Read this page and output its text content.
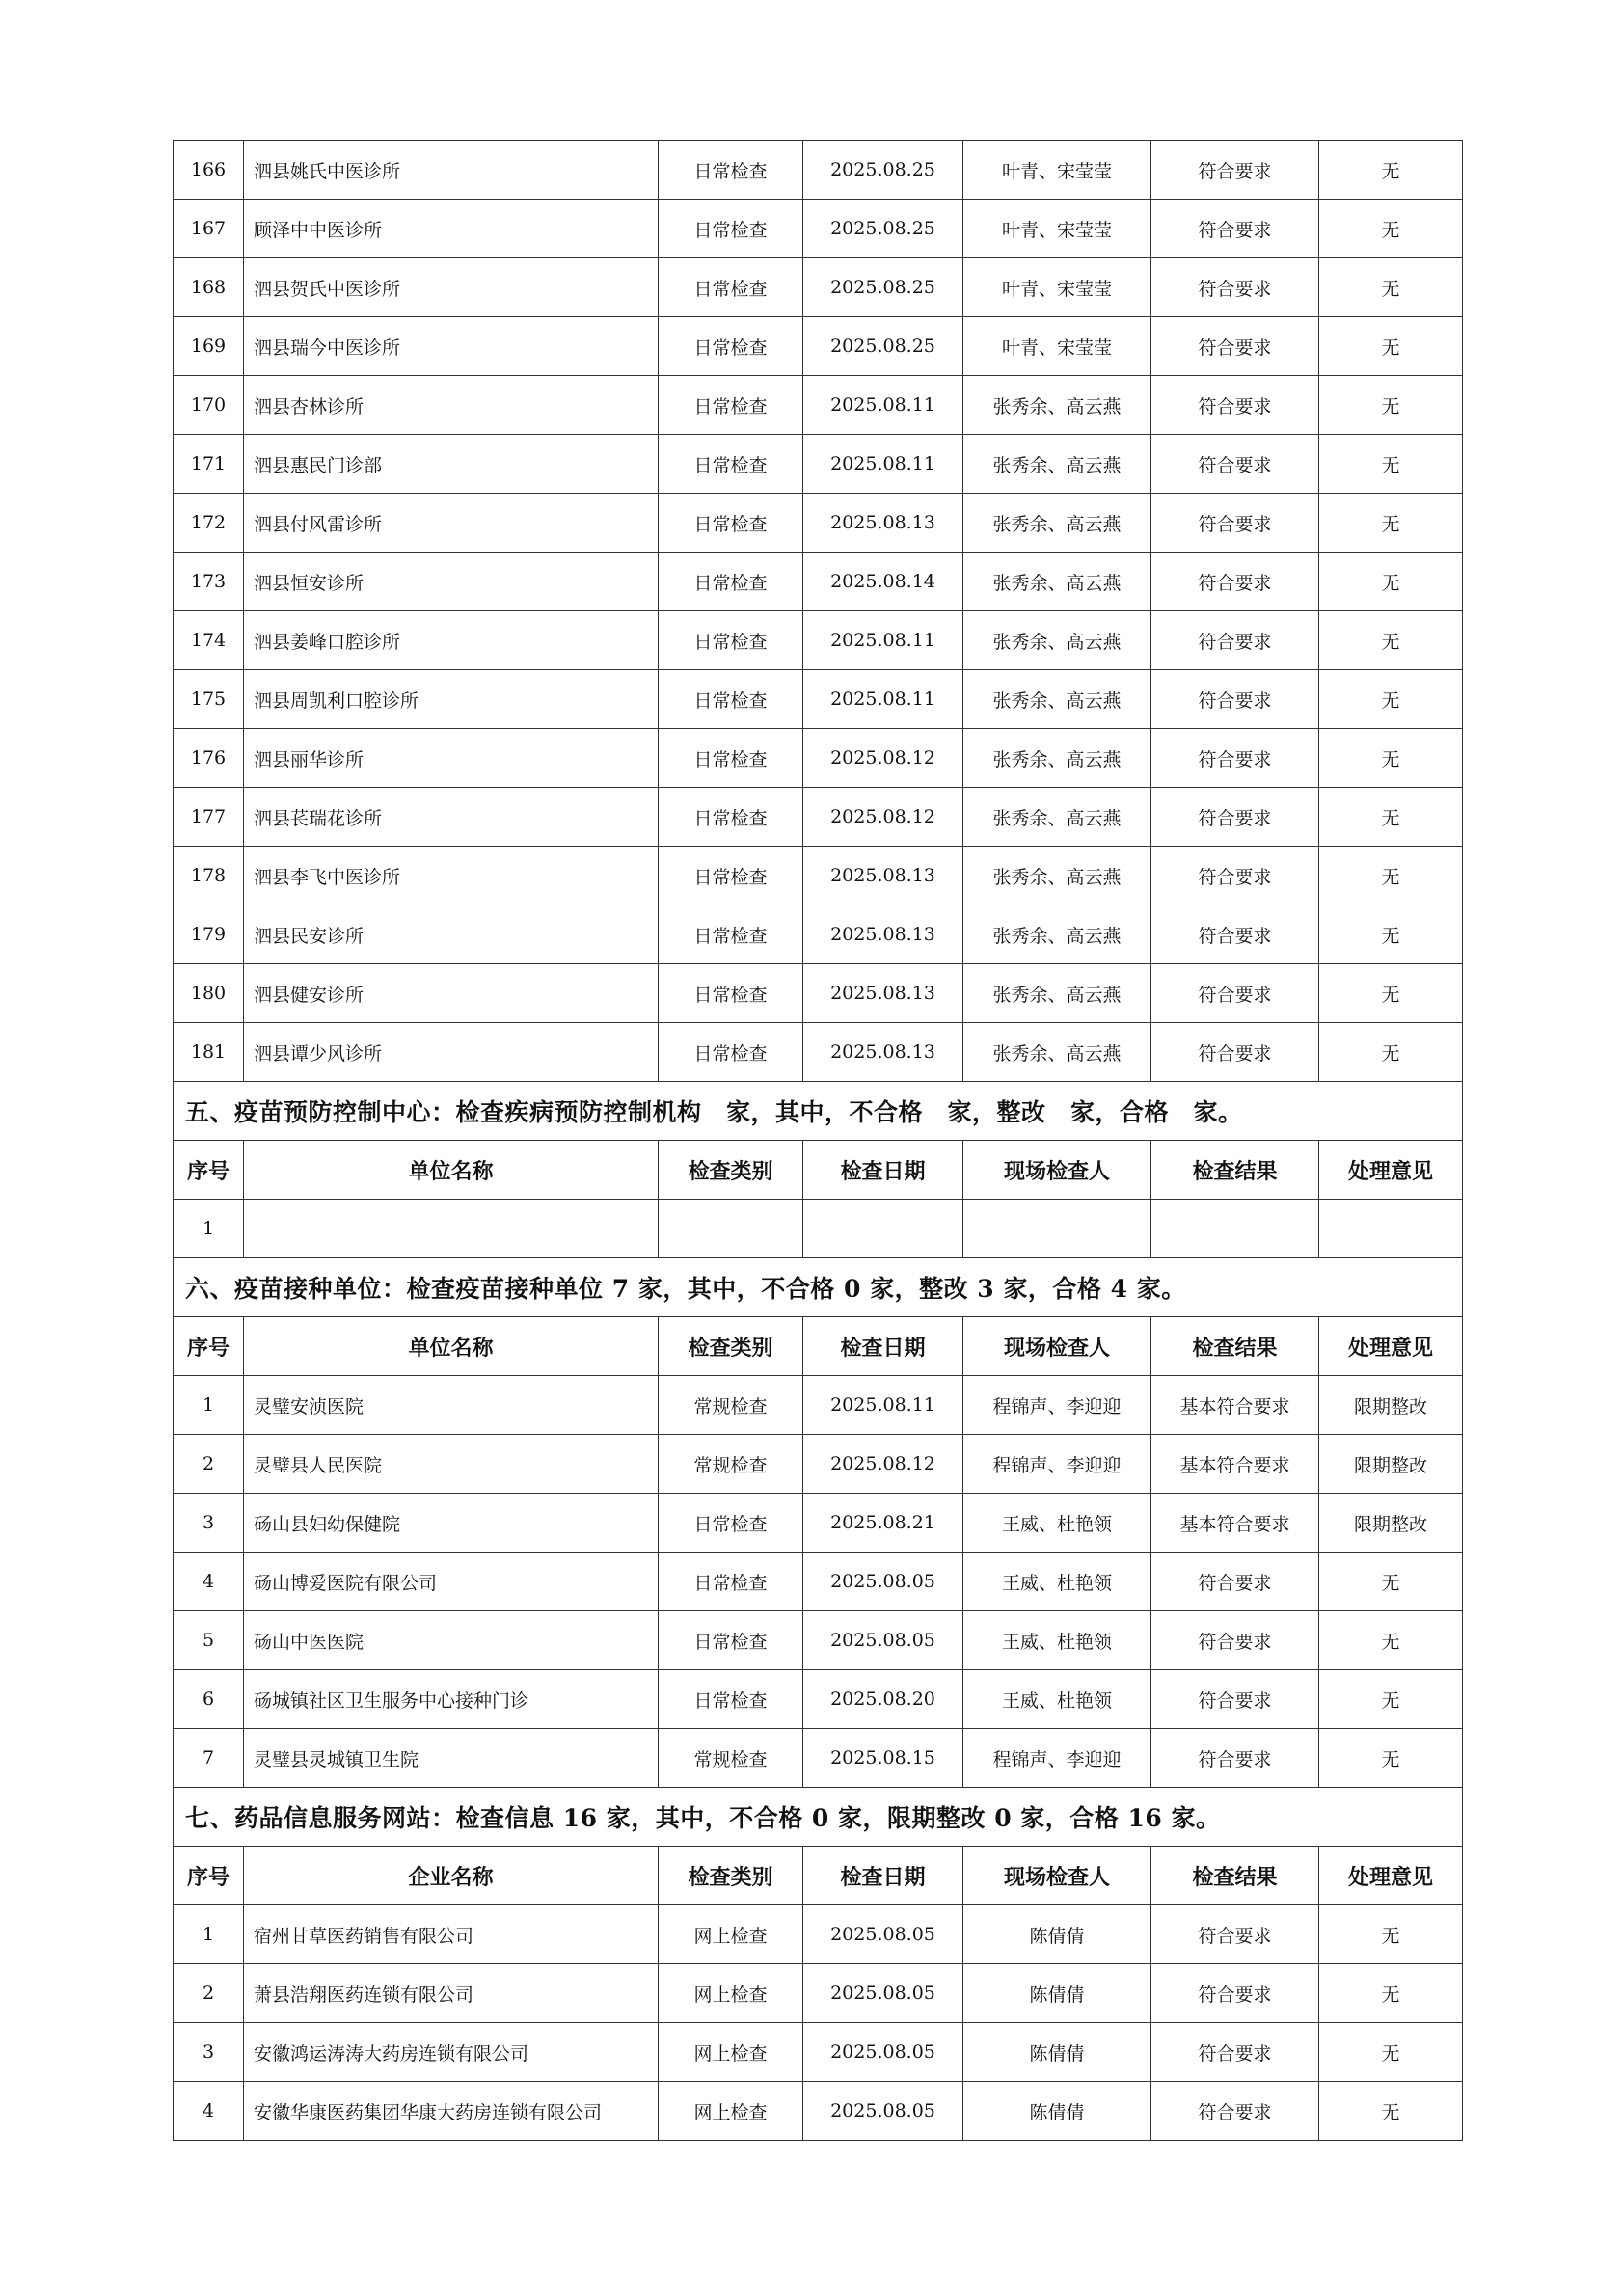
166	泗县姚氏中医诊所	日常检查	2025.08.25	叶青、宋莹莹	符合要求	无
167	顾泽中中医诊所	日常检查	2025.08.25	叶青、宋莹莹	符合要求	无
168	泗县贺氏中医诊所	日常检查	2025.08.25	叶青、宋莹莹	符合要求	无
169	泗县瑞今中医诊所	日常检查	2025.08.25	叶青、宋莹莹	符合要求	无
170	泗县杏林诊所	日常检查	2025.08.11	张秀余、高云燕	符合要求	无
171	泗县惠民门诊部	日常检查	2025.08.11	张秀余、高云燕	符合要求	无
172	泗县付风雷诊所	日常检查	2025.08.13	张秀余、高云燕	符合要求	无
173	泗县恒安诊所	日常检查	2025.08.14	张秀余、高云燕	符合要求	无
174	泗县姜峰口腔诊所	日常检查	2025.08.11	张秀余、高云燕	符合要求	无
175	泗县周凯利口腔诊所	日常检查	2025.08.11	张秀余、高云燕	符合要求	无
176	泗县丽华诊所	日常检查	2025.08.12	张秀余、高云燕	符合要求	无
177	泗县苌瑞花诊所	日常检查	2025.08.12	张秀余、高云燕	符合要求	无
178	泗县李飞中医诊所	日常检查	2025.08.13	张秀余、高云燕	符合要求	无
179	泗县民安诊所	日常检查	2025.08.13	张秀余、高云燕	符合要求	无
180	泗县健安诊所	日常检查	2025.08.13	张秀余、高云燕	符合要求	无
181	泗县谭少风诊所	日常检查	2025.08.13	张秀余、高云燕	符合要求	无
五、疫苗预防控制中心：检查疾病预防控制机构　家，其中，不合格　家，整改　家，合格　家。						
序号	单位名称	检查类别	检查日期	现场检查人	检查结果	处理意见
1						
六、疫苗接种单位：检查疫苗接种单位 7 家，其中，不合格 0 家，整改 3 家，合格 4 家。						
序号	单位名称	检查类别	检查日期	现场检查人	检查结果	处理意见
1	灵璧安浈医院	常规检查	2025.08.11	程锦声、李迎迎	基本符合要求	限期整改
2	灵璧县人民医院	常规检查	2025.08.12	程锦声、李迎迎	基本符合要求	限期整改
3	砀山县妇幼保健院	日常检查	2025.08.21	王威、杜艳领	基本符合要求	限期整改
4	砀山博爱医院有限公司	日常检查	2025.08.05	王威、杜艳领	符合要求	无
5	砀山中医医院	日常检查	2025.08.05	王威、杜艳领	符合要求	无
6	砀城镇社区卫生服务中心接种门诊	日常检查	2025.08.20	王威、杜艳领	符合要求	无
7	灵璧县灵城镇卫生院	常规检查	2025.08.15	程锦声、李迎迎	符合要求	无
七、药品信息服务网站：检查信息 16 家，其中，不合格 0 家，限期整改 0 家，合格 16 家。						
序号	企业名称	检查类别	检查日期	现场检查人	检查结果	处理意见
1	宿州甘草医药销售有限公司	网上检查	2025.08.05	陈倩倩	符合要求	无
2	萧县浩翔医药连锁有限公司	网上检查	2025.08.05	陈倩倩	符合要求	无
3	安徽鸿运涛涛大药房连锁有限公司	网上检查	2025.08.05	陈倩倩	符合要求	无
4	安徽华康医药集团华康大药房连锁有限公司	网上检查	2025.08.05	陈倩倩	符合要求	无
